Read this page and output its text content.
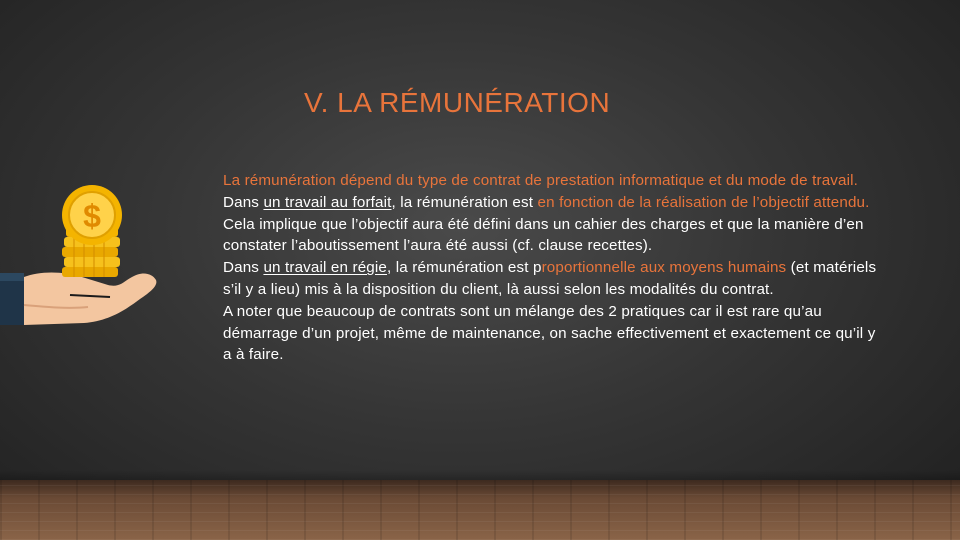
V. LA RÉMUNÉRATION
$
La rémunération dépend du type de contrat de prestation informatique et du mode de travail.
Dans un travail au forfait, la rémunération est en fonction de la réalisation de l’objectif attendu. Cela implique que l’objectif aura été défini dans un cahier des charges et que la manière d’en constater l’aboutissement l’aura été aussi (cf. clause recettes).
Dans un travail en régie, la rémunération est proportionnelle aux moyens humains (et matériels s’il y a lieu) mis à la disposition du client, là aussi selon les modalités du contrat.
A noter que beaucoup de contrats sont un mélange des 2 pratiques car il est rare qu’au démarrage d’un projet, même de maintenance, on sache effectivement et exactement ce qu’il y a à faire.
